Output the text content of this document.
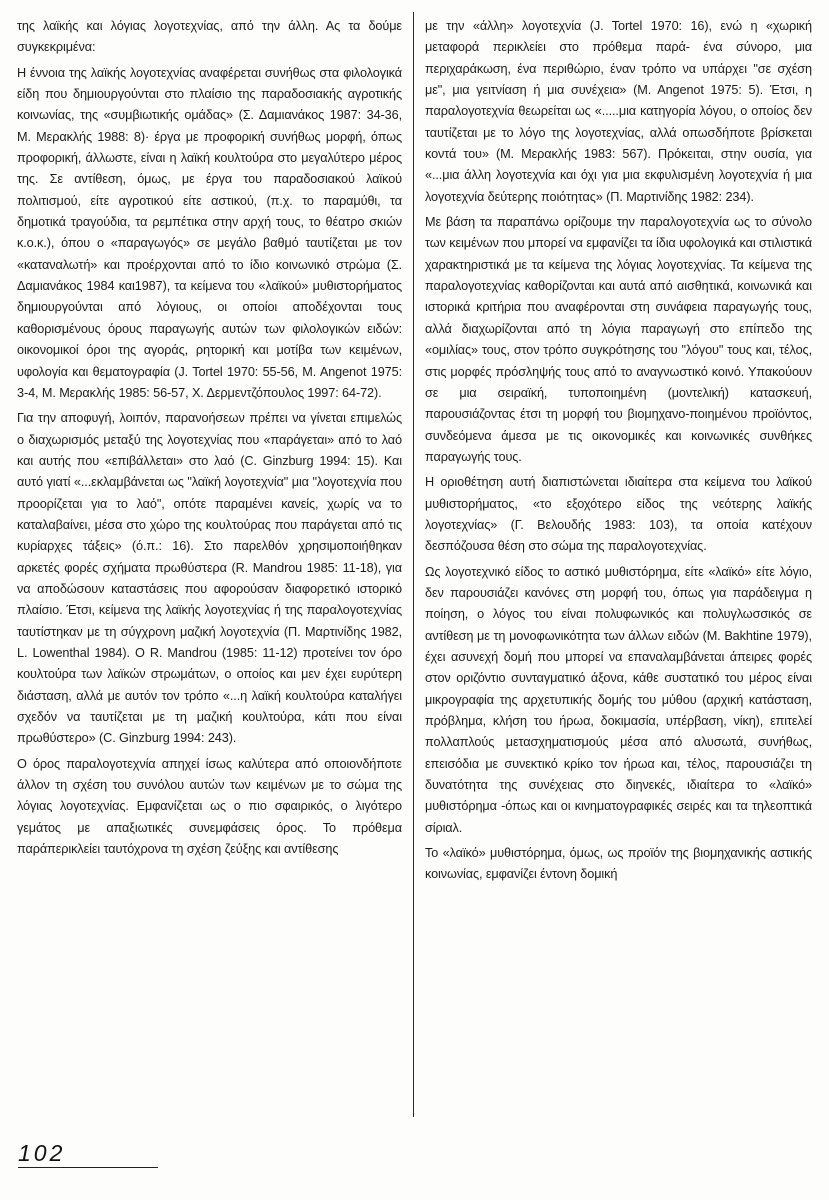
της λαϊκής και λόγιας λογοτεχνίας, από την άλλη. Ας τα δούμε συγκεκριμένα:

Η έννοια της λαϊκής λογοτεχνίας αναφέρεται συνήθως στα φιλολογικά είδη που δημιουργούνται στο πλαίσιο της παραδοσιακής αγροτικής κοινωνίας, της «συμβιωτικής ομάδας» (Σ. Δαμιανάκος 1987: 34-36, Μ. Μερακλής 1988: 8)· έργα με προφορική συνήθως μορφή, όπως προφορική, άλλωστε, είναι η λαϊκή κουλτούρα στο μεγαλύτερο μέρος της. Σε αντίθεση, όμως, με έργα του παραδοσιακού λαϊκού πολιτισμού, είτε αγροτικού είτε αστικού, (π.χ. το παραμύθι, τα δημοτικά τραγούδια, τα ρεμπέτικα στην αρχή τους, το θέατρο σκιών κ.ο.κ.), όπου ο «παραγωγός» σε μεγάλο βαθμό ταυτίζεται με τον «καταναλωτή» και προέρχονται από το ίδιο κοινωνικό στρώμα (Σ. Δαμιανάκος 1984 και1987), τα κείμενα του «λαϊκού» μυθιστορήματος δημιουργούνται από λόγιους, οι οποίοι αποδέχονται τους καθορισμένους όρους παραγωγής αυτών των φιλολογικών ειδών: οικονομικοί όροι της αγοράς, ρητορική και μοτίβα των κειμένων, υφολογία και θεματογραφία (J. Tortel 1970: 55-56, M. Angenot 1975: 3-4, Μ. Μερακλής 1985: 56-57, Χ. Δερμεντζόπουλος 1997: 64-72).

Για την αποφυγή, λοιπόν, παρανοήσεων πρέπει να γίνεται επιμελώς ο διαχωρισμός μεταξύ της λογοτεχνίας που «παράγεται» από το λαό και αυτής που «επιβάλλεται» στο λαό (C. Ginzburg 1994: 15). Και αυτό γιατί «...εκλαμβάνεται ως "λαϊκή λογοτεχνία" μια "λογοτεχνία που προορίζεται για το λαό", οπότε παραμένει κανείς, χωρίς να το καταλαβαίνει, μέσα στο χώρο της κουλτούρας που παράγεται από τις κυρίαρχες τάξεις» (ό.π.: 16). Στο παρελθόν χρησιμοποιήθηκαν αρκετές φορές σχήματα πρωθύστερα (R. Mandrou 1985: 11-18), για να αποδώσουν καταστάσεις που αφορούσαν διαφορετικό ιστορικό πλαίσιο. Έτσι, κείμενα της λαϊκής λογοτεχνίας ή της παραλογοτεχνίας ταυτίστηκαν με τη σύγχρονη μαζική λογοτεχνία (Π. Μαρτινίδης 1982, L. Lowenthal 1984). Ο R. Mandrou (1985: 11-12) προτείνει τον όρο κουλτούρα των λαϊκών στρωμάτων, ο οποίος και μεν έχει ευρύτερη διάσταση, αλλά με αυτόν τον τρόπο «...η λαϊκή κουλτούρα καταλήγει σχεδόν να ταυτίζεται με τη μαζική κουλτούρα, κάτι που είναι πρωθύστερο» (C. Ginzburg 1994: 243).

Ο όρος παραλογοτεχνία απηχεί ίσως καλύτερα από οποιονδήποτε άλλον τη σχέση του συνόλου αυτών των κειμένων με το σώμα της λόγιας λογοτεχνίας. Εμφανίζεται ως ο πιο σφαιρικός, ο λιγότερο γεμάτος με απαξιωτικές συνεμφάσεις όρος. Το πρόθεμα παράπερικλείει ταυτόχρονα τη σχέση ζεύξης και αντίθεσης

με την «άλλη» λογοτεχνία (J. Tortel 1970: 16), ενώ η «χωρική μεταφορά περικλείει στο πρόθεμα παρά- ένα σύνορο, μια περιχαράκωση, ένα περιθώριο, έναν τρόπο να υπάρχει "σε σχέση με", μια γειτνίαση ή μια συνέχεια» (M. Angenot 1975: 5). Έτσι, η παραλογοτεχνία θεωρείται ως «.....μια κατηγορία λόγου, ο οποίος δεν ταυτίζεται με το λόγο της λογοτεχνίας, αλλά οπωσδήποτε βρίσκεται κοντά του» (Μ. Μερακλής 1983: 567). Πρόκειται, στην ουσία, για «...μια άλλη λογοτεχνία και όχι για μια εκφυλισμένη λογοτεχνία ή μια λογοτεχνία δεύτερης ποιότητας» (Π. Μαρτινίδης 1982: 234).

Με βάση τα παραπάνω ορίζουμε την παραλογοτεχνία ως το σύνολο των κειμένων που μπορεί να εμφανίζει τα ίδια υφολογικά και στιλιστικά χαρακτηριστικά με τα κείμενα της λόγιας λογοτεχνίας. Τα κείμενα της παραλογοτεχνίας καθορίζονται και αυτά από αισθητικά, κοινωνικά και ιστορικά κριτήρια που αναφέρονται στη συνάφεια παραγωγής τους, αλλά διαχωρίζονται από τη λόγια παραγωγή στο επίπεδο της «ομιλίας» τους, στον τρόπο συγκρότησης του "λόγου" τους και, τέλος, στις μορφές πρόσληψής τους από το αναγνωστικό κοινό. Υπακούουν σε μια σειραϊκή, τυποποιημένη (μοντελική) κατασκευή, παρουσιάζοντας έτσι τη μορφή του βιομηχανο-ποιημένου προϊόντος, συνδεόμενα άμεσα με τις οικονομικές και κοινωνικές συνθήκες παραγωγής τους.

Η οριοθέτηση αυτή διαπιστώνεται ιδιαίτερα στα κείμενα του λαϊκού μυθιστορήματος, «το εξοχότερο είδος της νεότερης λαϊκής λογοτεχνίας» (Γ. Βελουδής 1983: 103), τα οποία κατέχουν δεσπόζουσα θέση στο σώμα της παραλογοτεχνίας.

Ως λογοτεχνικό είδος το αστικό μυθιστόρημα, είτε «λαϊκό» είτε λόγιο, δεν παρουσιάζει κανόνες στη μορφή του, όπως για παράδειγμα η ποίηση, ο λόγος του είναι πολυφωνικός και πολυγλωσσικός σε αντίθεση με τη μονοφωνικότητα των άλλων ειδών (M. Bakhtine 1979), έχει ασυνεχή δομή που μπορεί να επαναλαμβάνεται άπειρες φορές στον οριζόντιο συνταγματικό άξονα, κάθε συστατικό του μέρος είναι μικρογραφία της αρχετυπικής δομής του μύθου (αρχική κατάσταση, πρόβλημα, κλήση του ήρωα, δοκιμασία, υπέρβαση, νίκη), επιτελεί πολλαπλούς μετασχηματισμούς μέσα από αλυσωτά, συνήθως, επεισόδια με συνεκτικό κρίκο τον ήρωα και, τέλος, παρουσιάζει τη δυνατότητα της συνέχειας στο διηνεκές, ιδιαίτερα το «λαϊκό» μυθιστόρημα -όπως και οι κινηματογραφικές σειρές και τα τηλεοπτικά σίριαλ.

Το «λαϊκό» μυθιστόρημα, όμως, ως προϊόν της βιομηχανικής αστικής κοινωνίας, εμφανίζει έντονη δομική

102
